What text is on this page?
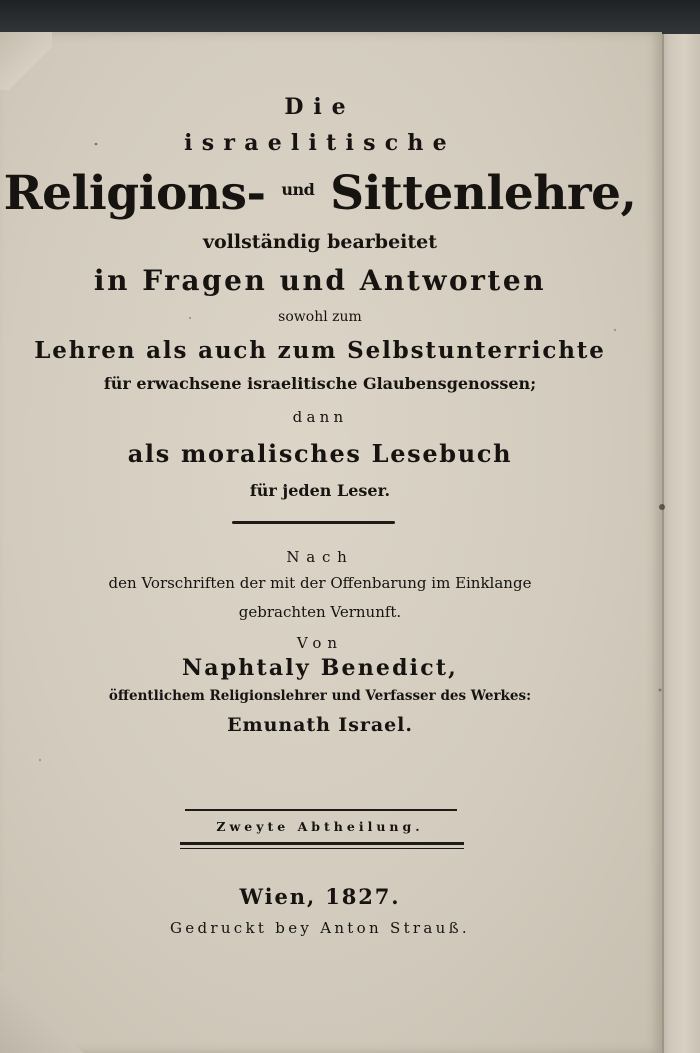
Die
israelitische
Religions- $^{und}$ Sittenlehre,
vollständig bearbeitet
in Fragen und Antworten
sowohl zum
Lehren als auch zum Selbstunterrichte
für erwachsene israelitische Glaubensgenossen;
dann
als moralisches Lesebuch
für jeden Leser.
Nach
den Vorschriften der mit der Offenbarung im Einklange
gebrachten Vernunft.
Von
Naphtaly Benedict,
öffentlichem Religionslehrer und Verfasser des Werkes:
Emunath Israel.
Zweyte Abtheilung.
Wien, 1827.
Gedruckt bey Anton Strauß.
